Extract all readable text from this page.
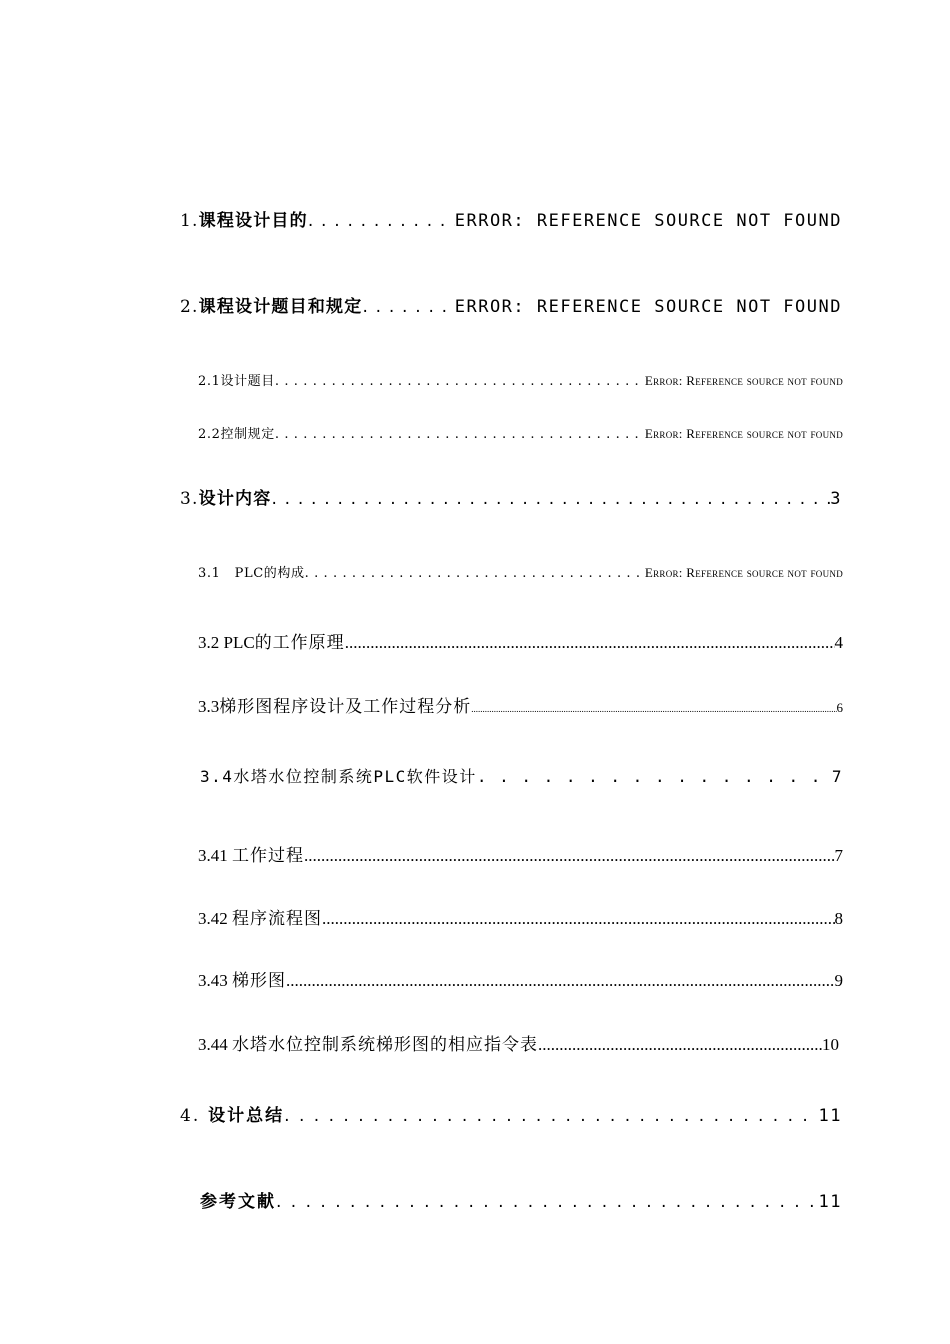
1.课程设计目的 . . .	ERROR: REFERENCE SOURCE NOT FOUND
2.课程设计题目和规定 . . .	ERROR: REFERENCE SOURCE NOT FOUND
2.1设计题目 . . .	Error: Reference source not found
2.2控制规定 . . .	Error: Reference source not found
3.设计内容 . . .	3
3.1   PLC的构成 . . .	Error: Reference source not found
3.2 PLC的工作原理 .....	4
3.3梯形图程序设计及工作过程分析 .....	6
3.4水塔水位控制系统PLC软件设计 . . .	7
3.41 工作过程 .....	7
3.42 程序流程图 .....	8
3.43 梯形图 .....	9
3.44 水塔水位控制系统梯形图的相应指令表 .....	10
4. 设计总结 . . .	11
参考文献 . . .	11
